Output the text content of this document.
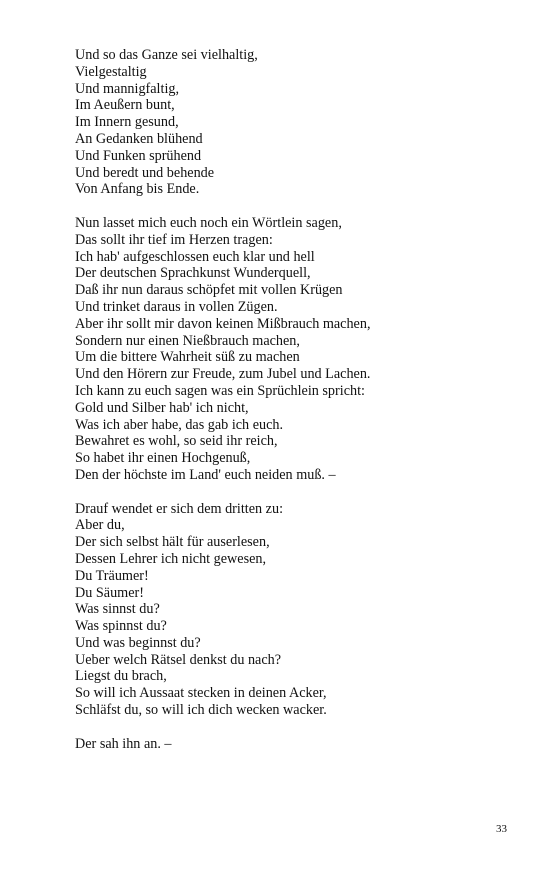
Und so das Ganze sei vielhaltig,
Vielgestaltig
Und mannigfaltig,
Im Aeußern bunt,
Im Innern gesund,
An Gedanken blühend
Und Funken sprühend
Und beredt und behende
Von Anfang bis Ende.
Nun lasset mich euch noch ein Wörtlein sagen,
Das sollt ihr tief im Herzen tragen:
Ich hab' aufgeschlossen euch klar und hell
Der deutschen Sprachkunst Wunderquell,
Daß ihr nun daraus schöpfet mit vollen Krügen
Und trinket daraus in vollen Zügen.
Aber ihr sollt mir davon keinen Mißbrauch machen,
Sondern nur einen Nießbrauch machen,
Um die bittere Wahrheit süß zu machen
Und den Hörern zur Freude, zum Jubel und Lachen.
Ich kann zu euch sagen was ein Sprüchlein spricht:
Gold und Silber hab' ich nicht,
Was ich aber habe, das gab ich euch.
Bewahret es wohl, so seid ihr reich,
So habet ihr einen Hochgenuß,
Den der höchste im Land' euch neiden muß. –
Drauf wendet er sich dem dritten zu:
Aber du,
Der sich selbst hält für auserlesen,
Dessen Lehrer ich nicht gewesen,
Du Träumer!
Du Säumer!
Was sinnst du?
Was spinnst du?
Und was beginnst du?
Ueber welch Rätsel denkst du nach?
Liegst du brach,
So will ich Aussaat stecken in deinen Acker,
Schläfst du, so will ich dich wecken wacker.
Der sah ihn an. –
33
